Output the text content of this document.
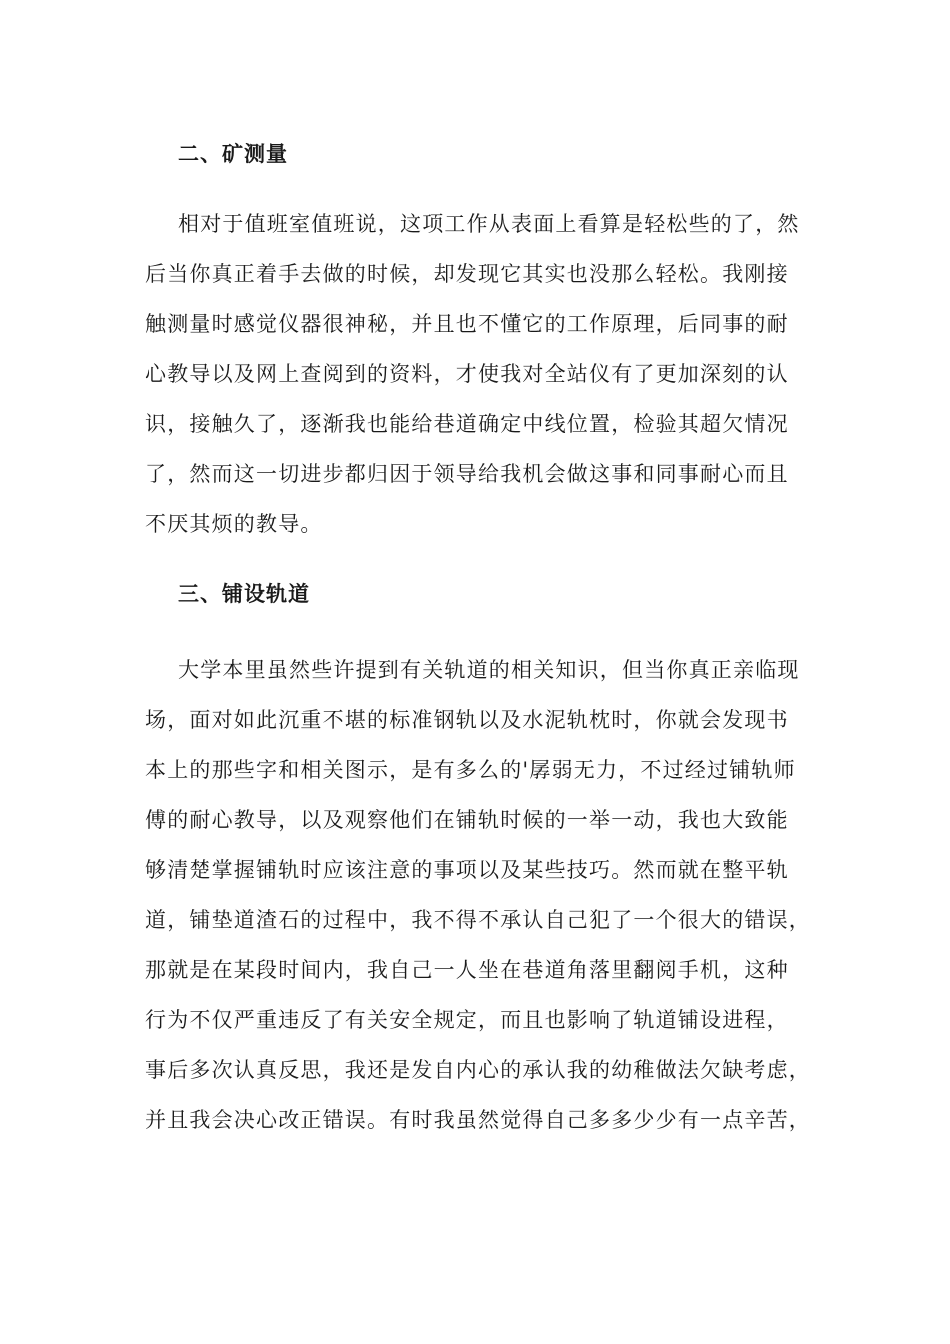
二、矿测量
相对于值班室值班说，这项工作从表面上看算是轻松些的了，然
后当你真正着手去做的时候，却发现它其实也没那么轻松。我刚接
触测量时感觉仪器很神秘，并且也不懂它的工作原理，后同事的耐
心教导以及网上查阅到的资料，才使我对全站仪有了更加深刻的认
识，接触久了，逐渐我也能给巷道确定中线位置，检验其超欠情况
了，然而这一切进步都归因于领导给我机会做这事和同事耐心而且
不厌其烦的教导。
三、铺设轨道
大学本里虽然些许提到有关轨道的相关知识，但当你真正亲临现
场，面对如此沉重不堪的标准钢轨以及水泥轨枕时，你就会发现书
本上的那些字和相关图示，是有多么的'孱弱无力，不过经过铺轨师
傅的耐心教导，以及观察他们在铺轨时候的一举一动，我也大致能
够清楚掌握铺轨时应该注意的事项以及某些技巧。然而就在整平轨
道，铺垫道渣石的过程中，我不得不承认自己犯了一个很大的错误，
那就是在某段时间内，我自己一人坐在巷道角落里翻阅手机，这种
行为不仅严重违反了有关安全规定，而且也影响了轨道铺设进程，
事后多次认真反思，我还是发自内心的承认我的幼稚做法欠缺考虑，
并且我会决心改正错误。有时我虽然觉得自己多多少少有一点辛苦，
